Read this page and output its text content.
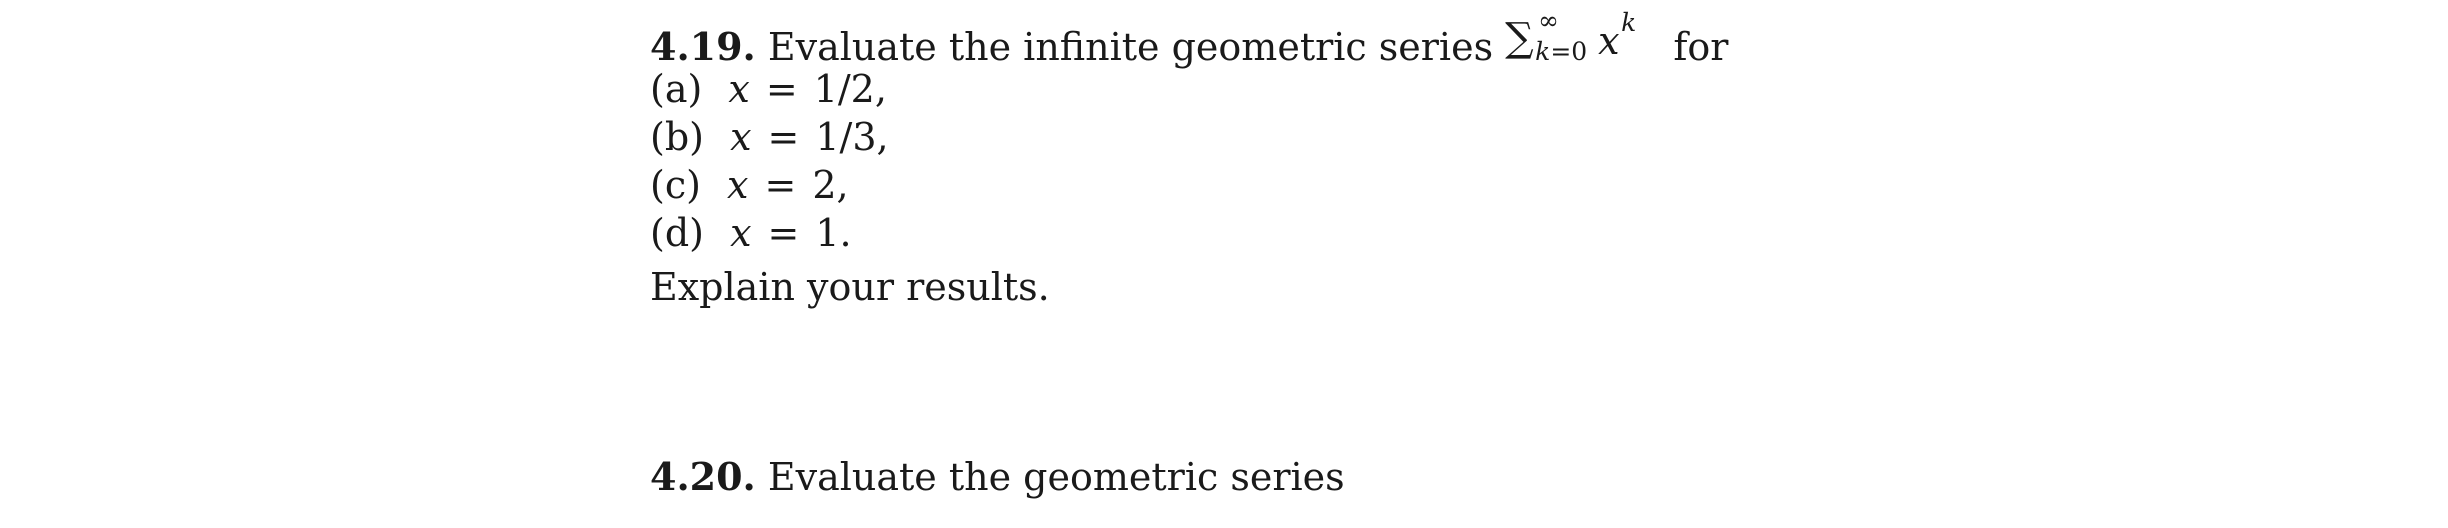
4.19. Evaluate the infinite geometric series ∑ ∞
k=0 x k
for
(a) x = 1/2,
(b) x = 1/3,
(c) x = 2,
(d) x = 1.
Explain your results.
4.20. Evaluate the geometric series
